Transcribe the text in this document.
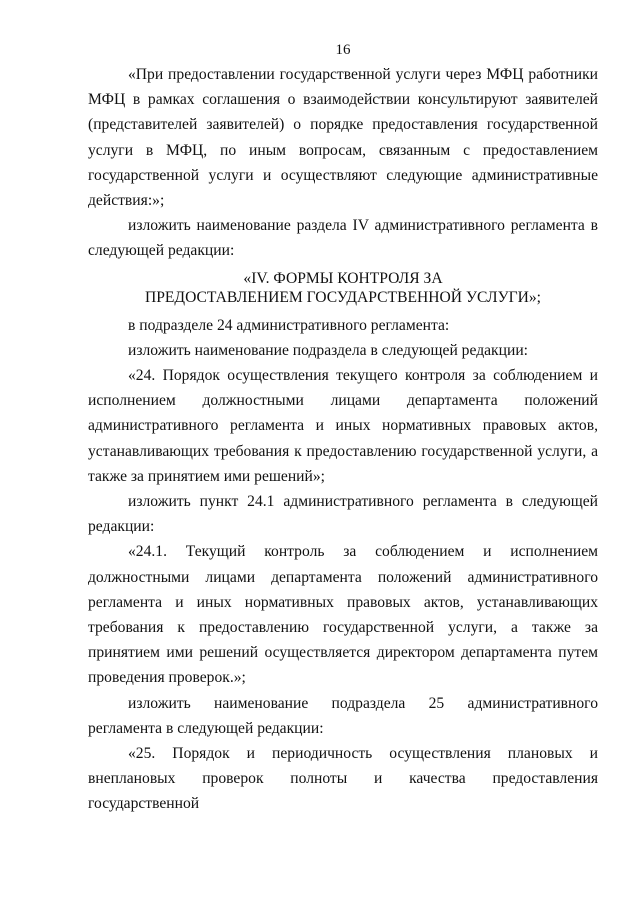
16

«При предоставлении государственной услуги через МФЦ работники МФЦ в рамках соглашения о взаимодействии консультируют заявителей (представителей заявителей) о порядке предоставления государственной услуги в МФЦ, по иным вопросам, связанным с предоставлением государственной услуги и осуществляют следующие административные действия:»;

изложить наименование раздела IV административного регламента в следующей редакции:

«IV. ФОРМЫ КОНТРОЛЯ ЗА
ПРЕДОСТАВЛЕНИЕМ ГОСУДАРСТВЕННОЙ УСЛУГИ»;

в подразделе 24 административного регламента:

изложить наименование подраздела в следующей редакции:

«24. Порядок осуществления текущего контроля за соблюдением и исполнением должностными лицами департамента положений административного регламента и иных нормативных правовых актов, устанавливающих требования к предоставлению государственной услуги, а также за принятием ими решений»;

изложить пункт 24.1 административного регламента в следующей редакции:

«24.1. Текущий контроль за соблюдением и исполнением должностными лицами департамента положений административного регламента и иных нормативных правовых актов, устанавливающих требования к предоставлению государственной услуги, а также за принятием ими решений осуществляется директором департамента путем проведения проверок.»;

изложить наименование подраздела 25 административного регламента в следующей редакции:

«25. Порядок и периодичность осуществления плановых и внеплановых проверок полноты и качества предоставления государственной
